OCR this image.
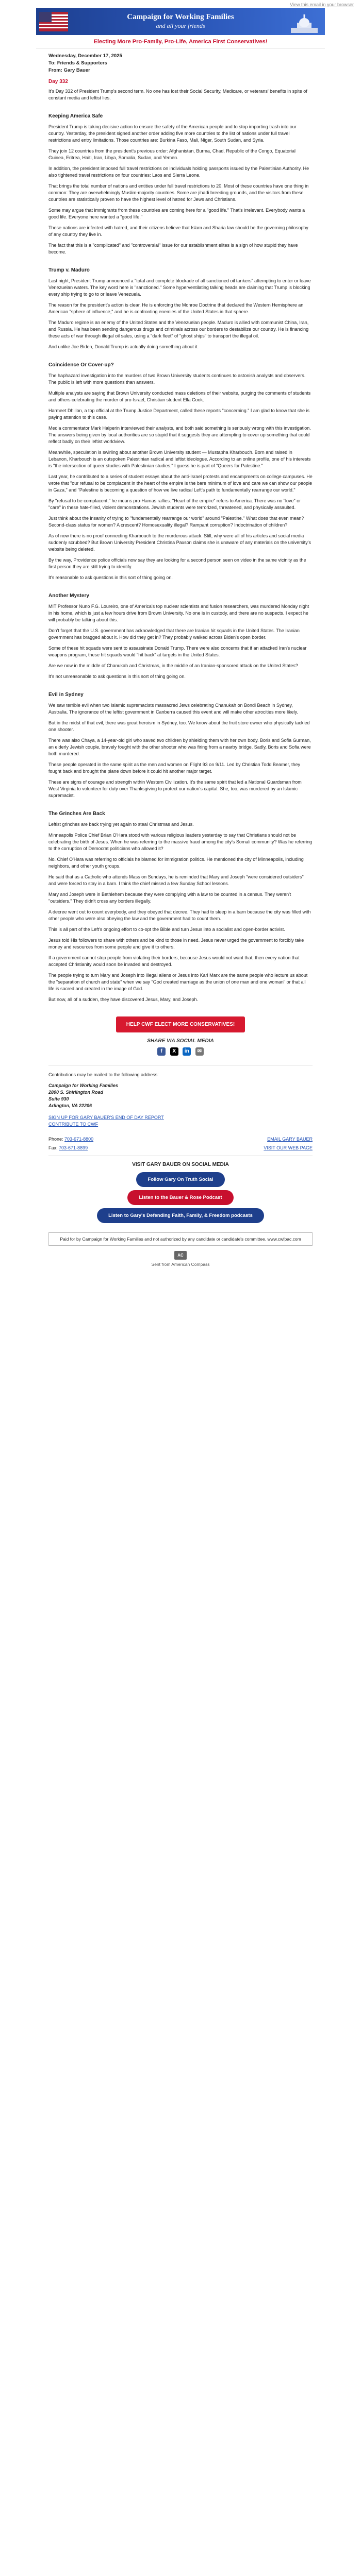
View this email in your browser
Campaign for Working Families
and all your friends
Electing More Pro-Family, Pro-Life, America First Conservatives!
Wednesday, December 17, 2025
To: Friends & Supporters
From: Gary Bauer
Day 332

It's Day 332 of President Trump's second term. No one has lost their Social Security, Medicare, or veterans' benefits in spite of constant media and leftist lies.

Keeping America Safe

President Trump is taking decisive action to ensure the safety of the American people and to stop importing trash into our country. Yesterday, the president signed another order adding five more countries to the list of nations under full travel restrictions and entry limitations. Those countries are: Burkina Faso, Mali, Niger, South Sudan, and Syria.

They join 12 countries from the president's previous order: Afghanistan, Burma, Chad, Republic of the Congo, Equatorial Guinea, Eritrea, Haiti, Iran, Libya, Somalia, Sudan, and Yemen.

In addition, the president imposed full travel restrictions on individuals holding passports issued by the Palestinian Authority. He also tightened travel restrictions on four countries: Laos and Sierra Leone.

That brings the total number of nations and entities under full travel restrictions to 20. Most of these countries have one thing in common: They are overwhelmingly Muslim-majority countries. Some are jihadi breeding grounds, and the visitors from these countries are statistically proven to have the highest level of hatred for Jews and Christians.

Some may argue that immigrants from these countries are coming here for a "good life." That's irrelevant. Everybody wants a good life. Everyone here wanted a "good life."

These nations are infected with hatred, and their citizens believe that Islam and Sharia law should be the governing philosophy of any country they live in.

The fact that this is a "complicated" and "controversial" issue for our establishment elites is a sign of how stupid they have become.

Trump v. Maduro

Last night, President Trump announced a "total and complete blockade of all sanctioned oil tankers" attempting to enter or leave Venezuelan waters. The key word here is "sanctioned." Some hyperventilating talking heads are claiming that Trump is blocking every ship trying to go to or leave Venezuela.

The reason for the president's action is clear. He is enforcing the Monroe Doctrine that declared the Western Hemisphere an American "sphere of influence," and he is confronting enemies of the United States in that sphere.

The Maduro regime is an enemy of the United States and the Venezuelan people. Maduro is allied with communist China, Iran, and Russia. He has been sending dangerous drugs and criminals across our borders to destabilize our country. He is financing these acts of war through illegal oil sales, using a "dark fleet" of "ghost ships" to transport the illegal oil.

And unlike Joe Biden, Donald Trump is actually doing something about it.

Coincidence Or Cover-up?

The haphazard investigation into the murders of two Brown University students continues to astonish analysts and observers. The public is left with more questions than answers.

Multiple analysts are saying that Brown University conducted mass deletions of their website, purging the comments of students and others celebrating the murder of pro-Israel, Christian student Ella Cook.

Harmeet Dhillon, a top official at the Trump Justice Department, called these reports "concerning." I am glad to know that she is paying attention to this case.

Media commentator Mark Halperin interviewed their analysts, and both said something is seriously wrong with this investigation. The answers being given by local authorities are so stupid that it suggests they are attempting to cover up something that could reflect badly on their leftist worldview.

Meanwhile, speculation is swirling about another Brown University student — Mustapha Kharbouch. Born and raised in Lebanon, Kharbouch is an outspoken Palestinian radical and leftist ideologue. According to an online profile, one of his interests is "the intersection of queer studies with Palestinian studies." I guess he is part of "Queers for Palestine."

Last year, he contributed to a series of student essays about the anti-Israel protests and encampments on college campuses. He wrote that "our refusal to be complacent in the heart of the empire is the bare minimum of love and care we can show our people in Gaza," and "Palestine is becoming a question of how we live radical Left's path to fundamentally rearrange our world."

By "refusal to be complacent," he means pro-Hamas rallies. "Heart of the empire" refers to America. There was no "love" or "care" in these hate-filled, violent demonstrations. Jewish students were terrorized, threatened, and physically assaulted.

Just think about the insanity of trying to "fundamentally rearrange our world" around "Palestine." What does that even mean? Second-class status for women? A crescent? Homosexuality illegal? Rampant corruption? Indoctrination of children?

As of now there is no proof connecting Kharbouch to the murderous attack. Still, why were all of his articles and social media suddenly scrubbed? But Brown University President Christina Paxson claims she is unaware of any materials on the university's website being deleted.

By the way, Providence police officials now say they are looking for a second person seen on video in the same vicinity as the first person they are still trying to identify.

It's reasonable to ask questions in this sort of thing going on.

Another Mystery

MIT Professor Nuno F.G. Loureiro, one of America's top nuclear scientists and fusion researchers, was murdered Monday night in his home, which is just a few hours drive from Brown University. No one is in custody, and there are no suspects. I expect he will probably be talking about this.

Don't forget that the U.S. government has acknowledged that there are Iranian hit squads in the United States. The Iranian government has bragged about it. How did they get in? They probably walked across Biden's open border.

Some of these hit squads were sent to assassinate Donald Trump. There were also concerns that if an attacked Iran's nuclear weapons program, these hit squads would "hit back" at targets in the United States.

Are we now in the middle of Chanukah and Christmas, in the middle of an Iranian-sponsored attack on the United States?

It's not unreasonable to ask questions in this sort of thing going on.

Evil in Sydney

We saw terrible evil when two Islamic supremacists massacred Jews celebrating Chanukah on Bondi Beach in Sydney, Australia. The ignorance of the leftist government in Canberra caused this event and will make other atrocities more likely.

But in the midst of that evil, there was great heroism in Sydney, too. We know about the fruit store owner who physically tackled one shooter.

There was also Chaya, a 14-year-old girl who saved two children by shielding them with her own body. Boris and Sofia Gurman, an elderly Jewish couple, bravely fought with the other shooter who was firing from a nearby bridge. Sadly, Boris and Sofia were both murdered.

These people operated in the same spirit as the men and women on Flight 93 on 9/11. Led by Christian Todd Beamer, they fought back and brought the plane down before it could hit another major target.

These are signs of courage and strength within Western Civilization. It's the same spirit that led a National Guardsman from West Virginia to volunteer for duty over Thanksgiving to protect our nation's capital. She, too, was murdered by an Islamic supremacist.

The Grinches Are Back

Leftist grinches are back trying yet again to steal Christmas and Jesus.

Minneapolis Police Chief Brian O'Hara stood with various religious leaders yesterday to say that Christians should not be celebrating the birth of Jesus. When he was referring to the massive fraud among the city's Somali community? Was he referring to the corruption of Democrat politicians who allowed it?

No. Chief O'Hara was referring to officials he blamed for immigration politics. He mentioned the city of Minneapolis, including neighbors, and other youth groups.

He said that as a Catholic who attends Mass on Sundays, he is reminded that Mary and Joseph "were considered outsiders" and were forced to stay in a barn. I think the chief missed a few Sunday School lessons.

Mary and Joseph were in Bethlehem because they were complying with a law to be counted in a census. They weren't "outsiders." They didn't cross any borders illegally.

A decree went out to count everybody, and they obeyed that decree. They had to sleep in a barn because the city was filled with other people who were also obeying the law and the government had to count them.

This is all part of the Left's ongoing effort to co-opt the Bible and turn Jesus into a socialist and open-border activist.

Jesus told His followers to share with others and be kind to those in need. Jesus never urged the government to forcibly take money and resources from some people and give it to others.

If a government cannot stop people from violating their borders, because Jesus would not want that, then every nation that accepted Christianity would soon be invaded and destroyed.

The people trying to turn Mary and Joseph into illegal aliens or Jesus into Karl Marx are the same people who lecture us about the "separation of church and state" when we say "God created marriage as the union of one man and one woman" or that all life is sacred and created in the image of God.

But now, all of a sudden, they have discovered Jesus, Mary, and Joseph.

HELP CWF ELECT MORE CONSERVATIVES!
SHARE VIA SOCIAL MEDIA
f X in ✉

Contributions may be mailed to the following address:

Campaign for Working Families
2800 S. Shirlington Road
Suite 930
Arlington, VA 22206
SIGN UP FOR GARY BAUER'S END OF DAY REPORT
CONTRIBUTE TO CWF
Phone: 703-671-8800	EMAIL GARY BAUER
Fax: 703-671-8899	VISIT OUR WEB PAGE
VISIT GARY BAUER ON SOCIAL MEDIA
Follow Gary On Truth Social
Listen to the Bauer & Rose Podcast
Listen to Gary's Defending Faith, Family, & Freedom podcasts
Paid for by Campaign for Working Families and not authorized by any candidate or candidate's committee. www.cwfpac.com
AC
Sent from American Compass
